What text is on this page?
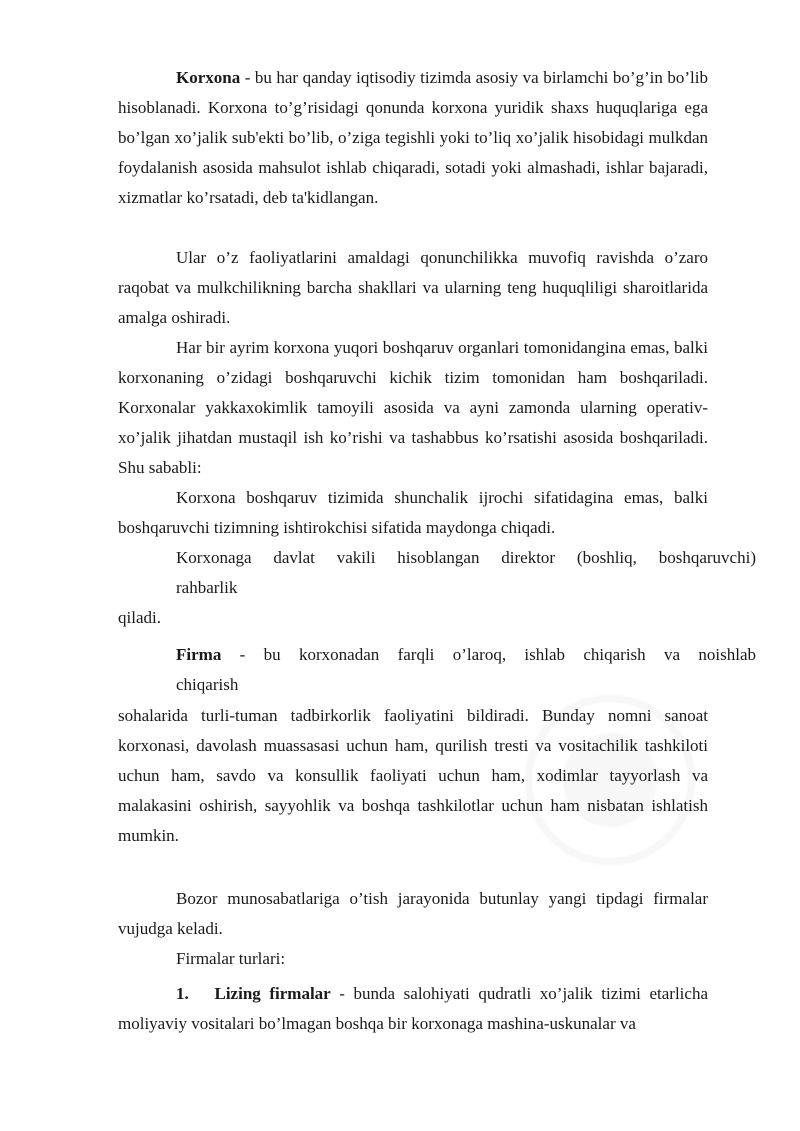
Korxona - bu har qanday iqtisodiy tizimda asosiy va birlamchi bo’g’in bo’lib hisoblanadi. Korxona to’g’risidagi qonunda korxona yuridik shaxs huquqlariga ega bo’lgan xo’jalik sub'ekti bo’lib, o’ziga tegishli yoki to’liq xo’jalik hisobidagi mulkdan foydalanish asosida mahsulot ishlab chiqaradi, sotadi yoki almashadi, ishlar bajaradi, xizmatlar ko’rsatadi, deb ta'kidlangan.

Ular o’z faoliyatlarini amaldagi qonunchilikka muvofiq ravishda o’zaro raqobat va mulkchilikning barcha shakllari va ularning teng huquqliligi sharoitlarida amalga oshiradi.

Har bir ayrim korxona yuqori boshqaruv organlari tomonidangina emas, balki korxonaning o’zidagi boshqaruvchi kichik tizim tomonidan ham boshqariladi. Korxonalar yakkaxokimlik tamoyili asosida va ayni zamonda ularning operativ- xo’jalik jihatdan mustaqil ish ko’rishi va tashabbus ko’rsatishi asosida boshqariladi. Shu sababli:

Korxona boshqaruv tizimida shunchalik ijrochi sifatidagina emas, balki boshqaruvchi tizimning ishtirokchisi sifatida maydonga chiqadi.

Korxonaga davlat vakili hisoblangan direktor (boshliq, boshqaruvchi)
rahbarlik
qiladi.
Firma - bu korxonadan farqli o’laroq, ishlab chiqarish va noishlab
chiqarish

sohalarida turli-tuman tadbirkorlik faoliyatini bildiradi. Bunday nomni sanoat korxonasi, davolash muassasasi uchun ham, qurilish tresti va vositachilik tashkiloti uchun ham, savdo va konsullik faoliyati uchun ham, xodimlar tayyorlash va malakasini oshirish, sayyohlik va boshqa tashkilotlar uchun ham nisbatan ishlatish mumkin.

Bozor munosabatlariga o’tish jarayonida butunlay yangi tipdagi firmalar vujudga keladi.

Firmalar turlari:

1. Lizing firmalar - bunda salohiyati qudratli xo’jalik tizimi etarlicha moliyaviy vositalari bo’lmagan boshqa bir korxonaga mashina-uskunalar va
